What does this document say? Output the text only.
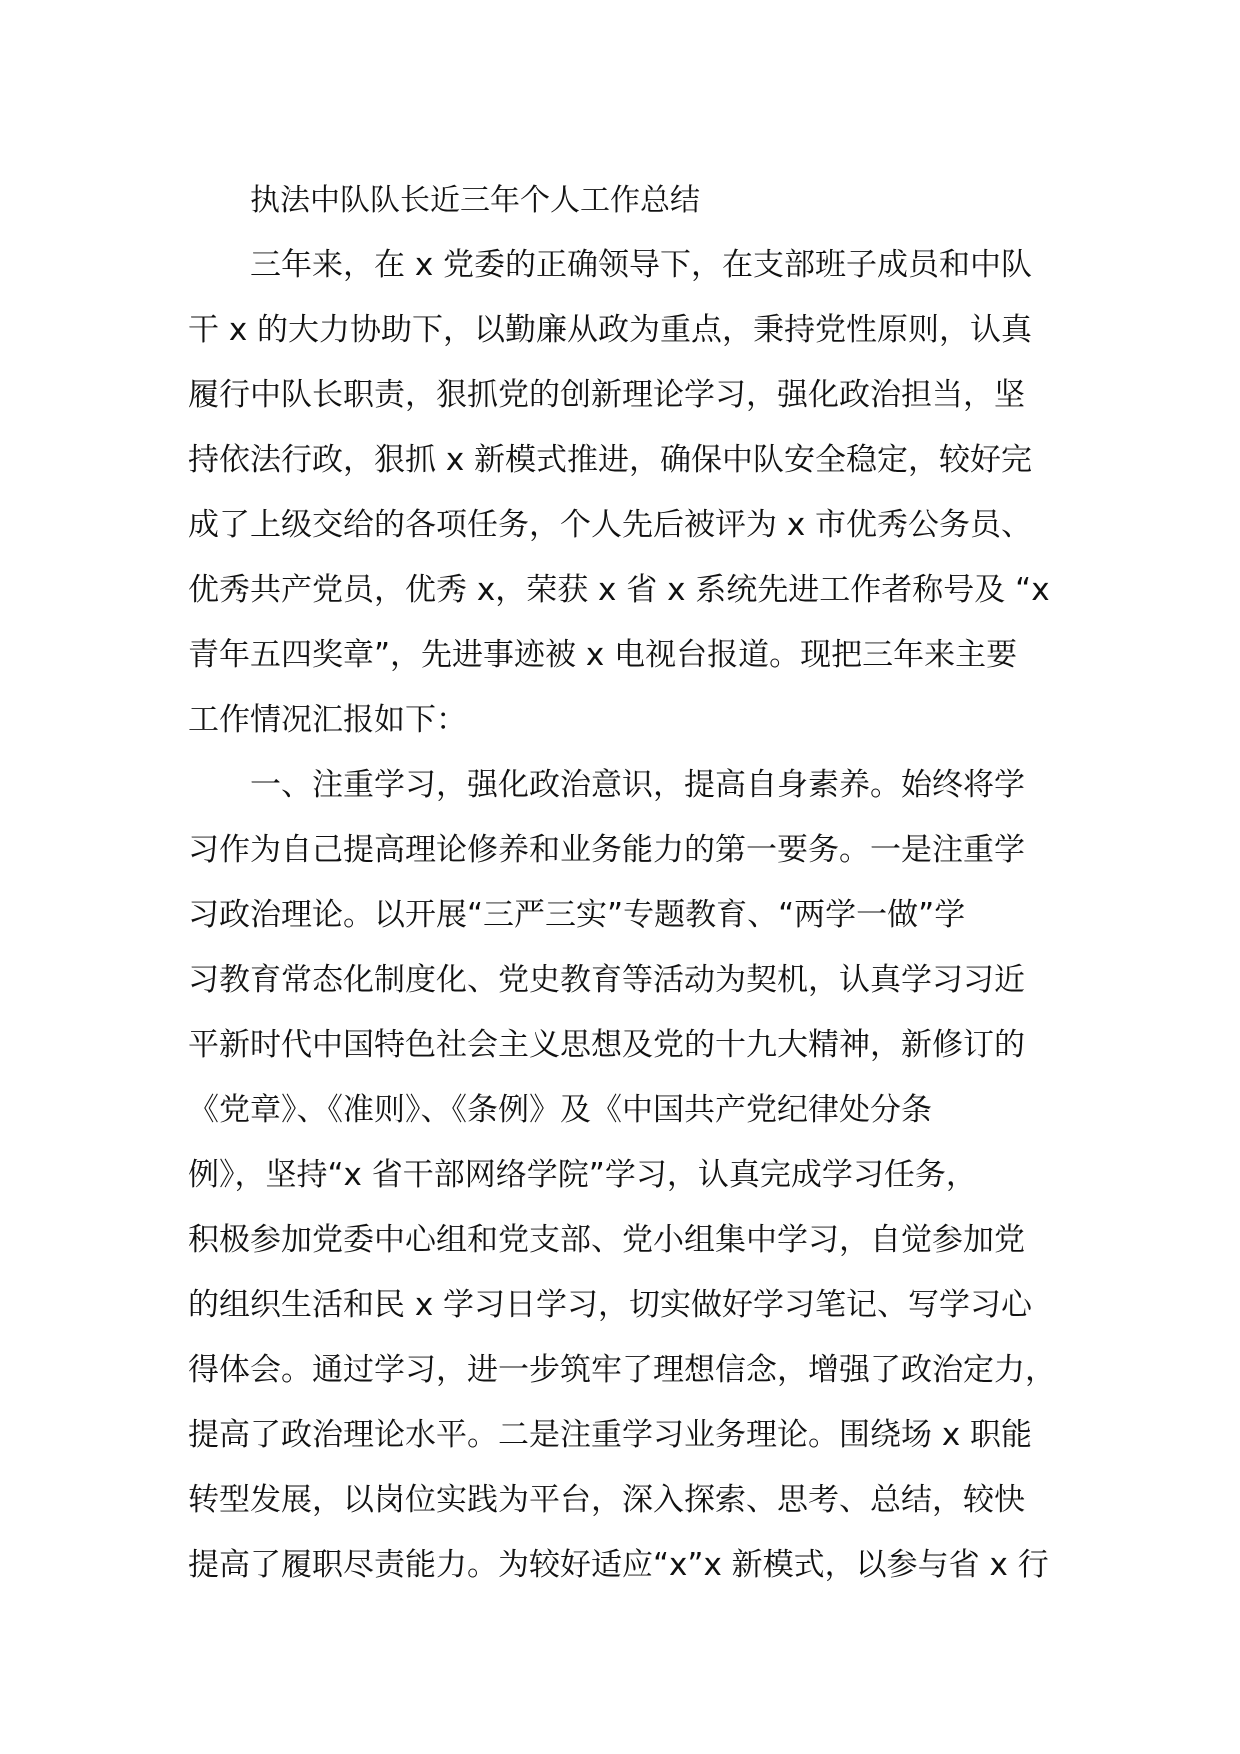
执法中队队长近三年个人工作总结
三年来，在 x 党委的正确领导下，在支部班子成员和中队
干 x 的大力协助下，以勤廉从政为重点，秉持党性原则，认真
履行中队长职责，狠抓党的创新理论学习，强化政治担当，坚
持依法行政，狠抓 x 新模式推进，确保中队安全稳定，较好完
成了上级交给的各项任务，个人先后被评为 x 市优秀公务员、
优秀共产党员，优秀 x，荣获 x 省 x 系统先进工作者称号及 “x
青年五四奖章”，先进事迹被 x 电视台报道。现把三年来主要
工作情况汇报如下：
一、注重学习，强化政治意识，提高自身素养。始终将学
习作为自己提高理论修养和业务能力的第一要务。一是注重学
习政治理论。以开展“三严三实”专题教育、“两学一做”学
习教育常态化制度化、党史教育等活动为契机，认真学习习近
平新时代中国特色社会主义思想及党的十九大精神，新修订的
《党章》、《准则》、《条例》及《中国共产党纪律处分条
例》，坚持“x 省干部网络学院”学习，认真完成学习任务，
积极参加党委中心组和党支部、党小组集中学习，自觉参加党
的组织生活和民 x 学习日学习，切实做好学习笔记、写学习心
得体会。通过学习，进一步筑牢了理想信念，增强了政治定力，
提高了政治理论水平。二是注重学习业务理论。围绕场 x 职能
转型发展，以岗位实践为平台，深入探索、思考、总结，较快
提高了履职尽责能力。为较好适应“x”x 新模式，以参与省 x 行
